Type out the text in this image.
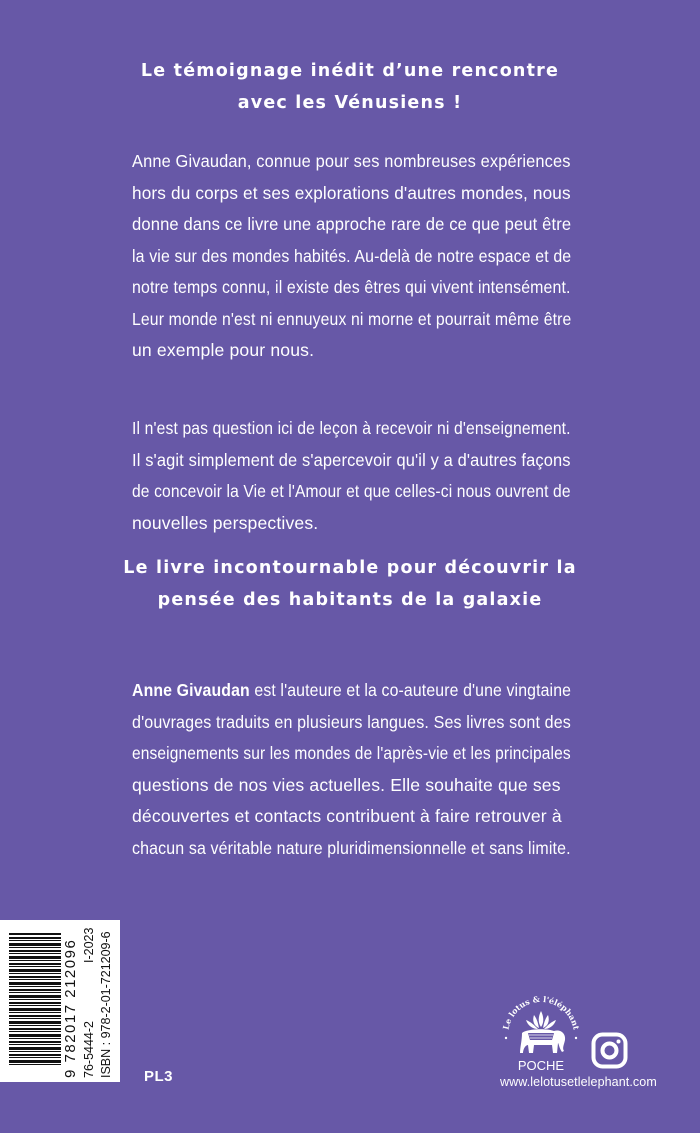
Le témoignage inédit d’une rencontre
avec les Vénusiens !
Anne Givaudan, connue pour ses nombreuses expériences
hors du corps et ses explorations d'autres mondes, nous
donne dans ce livre une approche rare de ce que peut être
la vie sur des mondes habités. Au-delà de notre espace et de
notre temps connu, il existe des êtres qui vivent intensément.
Leur monde n'est ni ennuyeux ni morne et pourrait même être
un exemple pour nous.
Il n'est pas question ici de leçon à recevoir ni d'enseignement.
Il s'agit simplement de s'apercevoir qu'il y a d'autres façons
de concevoir la Vie et l'Amour et que celles-ci nous ouvrent de
nouvelles perspectives.
Le livre incontournable pour découvrir la
pensée des habitants de la galaxie
Anne Givaudan est l'auteure et la co-auteure d'une vingtaine
d'ouvrages traduits en plusieurs langues. Ses livres sont des
enseignements sur les mondes de l'après-vie et les principales
questions de nos vies actuelles. Elle souhaite que ses
découvertes et contacts contribuent à faire retrouver à
chacun sa véritable nature pluridimensionnelle et sans limite.
9 782017 212096 76-5444-2
I-2023 ISBN : 978-2-01-721209-6 PL3
Le lotus & l'éléphant
POCHE
www.lelotusetlelephant.com
